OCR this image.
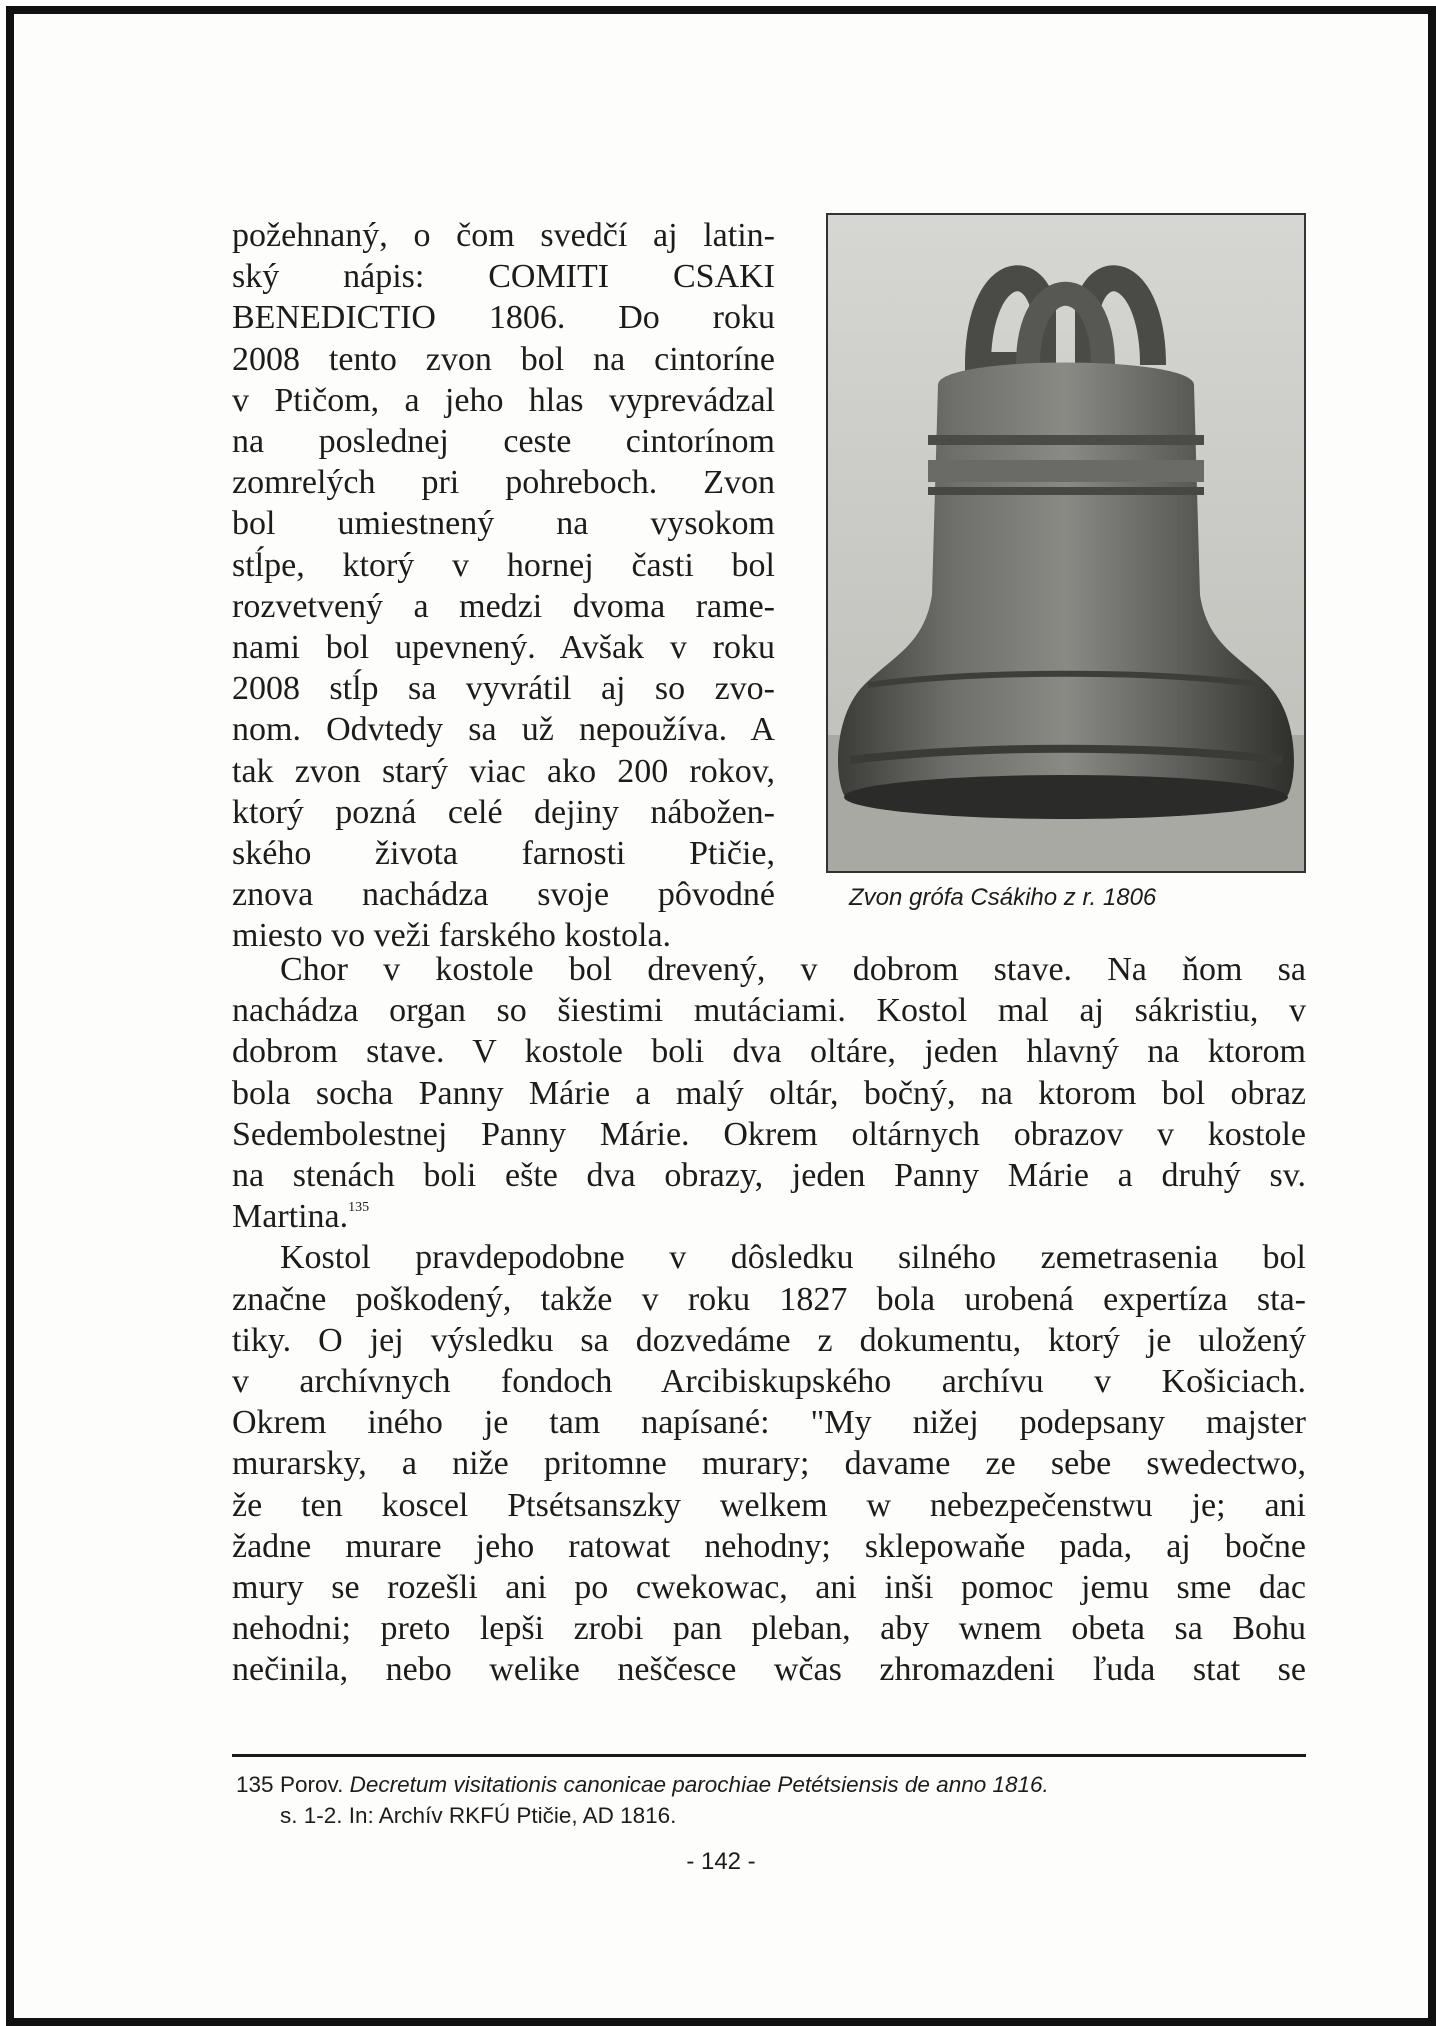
požehnaný, o čom svedčí aj latin-
ský nápis: COMITI CSAKI
BENEDICTIO 1806. Do roku
2008 tento zvon bol na cintoríne
v Ptičom, a jeho hlas vyprevádzal
na poslednej ceste cintorínom
zomrelých pri pohreboch. Zvon
bol umiestnený na vysokom
stĺpe, ktorý v hornej časti bol
rozvetvený a medzi dvoma rame-
nami bol upevnený. Avšak v roku
2008 stĺp sa vyvrátil aj so zvo-
nom. Odvtedy sa už nepoužíva. A
tak zvon starý viac ako 200 rokov,
ktorý pozná celé dejiny nábožen-
ského života farnosti Ptičie,
znova nachádza svoje pôvodné
miesto vo veži farského kostola.
Zvon grófa Csákiho z r. 1806
Chor v kostole bol drevený, v dobrom stave. Na ňom sa
nachádza organ so šiestimi mutáciami. Kostol mal aj sákristiu, v
dobrom stave. V kostole boli dva oltáre, jeden hlavný na ktorom
bola socha Panny Márie a malý oltár, bočný, na ktorom bol obraz
Sedembolestnej Panny Márie. Okrem oltárnych obrazov v kostole
na stenách boli ešte dva obrazy, jeden Panny Márie a druhý sv.
Martina.$^{135}$
Kostol pravdepodobne v dôsledku silného zemetrasenia bol
značne poškodený, takže v roku 1827 bola urobená expertíza sta-
tiky. O jej výsledku sa dozvedáme z dokumentu, ktorý je uložený
v archívnych fondoch Arcibiskupského archívu v Košiciach.
Okrem iného je tam napísané: "My nižej podepsany majster
murarsky, a niže pritomne murary; davame ze sebe swedectwo,
že ten koscel Ptsétsanszky welkem w nebezpečenstwu je; ani
žadne murare jeho ratowat nehodny; sklepowaňe pada, aj bočne
mury se rozešli ani po cwekowac, ani inši pomoc jemu sme dac
nehodni; preto lepši zrobi pan pleban, aby wnem obeta sa Bohu
nečinila, nebo welike neščesce wčas zhromazdeni ľuda stat se
135 Porov. Decretum visitationis canonicae parochiae Petétsiensis de anno 1816.
s. 1-2. In: Archív RKFÚ Ptičie, AD 1816.
- 142 -
